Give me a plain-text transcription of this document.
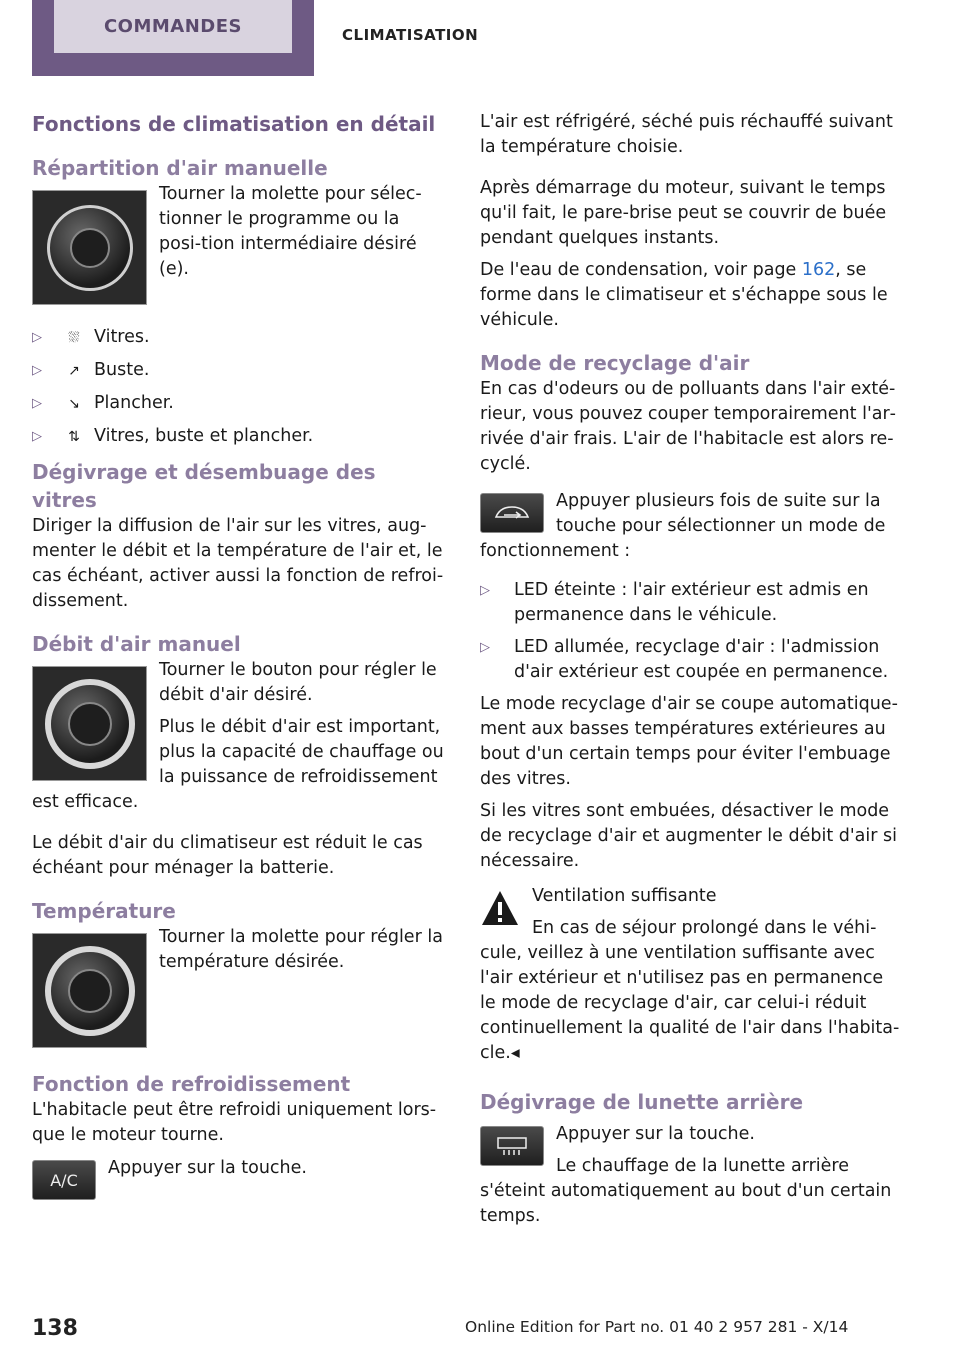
COMMANDES	CLIMATISATION
Fonctions de climatisation en détail
Répartition d'air manuelle
Tourner la molette pour sélec‐tionner le programme ou la posi‐tion intermédiaire désiré (e).
▷ ⛆ Vitres.
▷ ↗ Buste.
▷ ↘ Plancher.
▷ ⇅ Vitres, buste et plancher.
Dégivrage et désembuage des vitres
Diriger la diffusion de l'air sur les vitres, aug‐menter le débit et la température de l'air et, le cas échéant, activer aussi la fonction de refroi‐dissement.
Débit d'air manuel
Tourner le bouton pour régler le débit d'air désiré.
Plus le débit d'air est important, plus la capacité de chauffage ou la puissance de refroidissement est efficace.
Le débit d'air du climatiseur est réduit le cas échéant pour ménager la batterie.
Température
Tourner la molette pour régler la température désirée.
Fonction de refroidissement
L'habitacle peut être refroidi uniquement lors‐que le moteur tourne.
A/C
Appuyer sur la touche.
L'air est réfrigéré, séché puis réchauffé suivant la température choisie.
Après démarrage du moteur, suivant le temps qu'il fait, le pare-brise peut se couvrir de buée pendant quelques instants.
De l'eau de condensation, voir page 162, se forme dans le climatiseur et s'échappe sous le véhicule.
Mode de recyclage d'air
En cas d'odeurs ou de polluants dans l'air exté‐rieur, vous pouvez couper temporairement l'ar‐rivée d'air frais. L'air de l'habitacle est alors re‐cyclé.
Appuyer plusieurs fois de suite sur la touche pour sélectionner un mode de fonctionnement :
▷ LED éteinte : l'air extérieur est admis en permanence dans le véhicule.
▷ LED allumée, recyclage d'air : l'admission d'air extérieur est coupée en permanence.
Le mode recyclage d'air se coupe automatique‐ment aux basses températures extérieures au bout d'un certain temps pour éviter l'embuage des vitres.
Si les vitres sont embuées, désactiver le mode de recyclage d'air et augmenter le débit d'air si nécessaire.
Ventilation suffisante
En cas de séjour prolongé dans le véhi‐cule, veillez à une ventilation suffisante avec l'air extérieur et n'utilisez pas en permanence le mode de recyclage d'air, car celui-i réduit continuellement la qualité de l'air dans l'habita‐cle.◂
Dégivrage de lunette arrière
Appuyer sur la touche.
Le chauffage de la lunette arrière s'éteint automatiquement au bout d'un certain temps.
138	Online Edition for Part no. 01 40 2 957 281 - X/14
